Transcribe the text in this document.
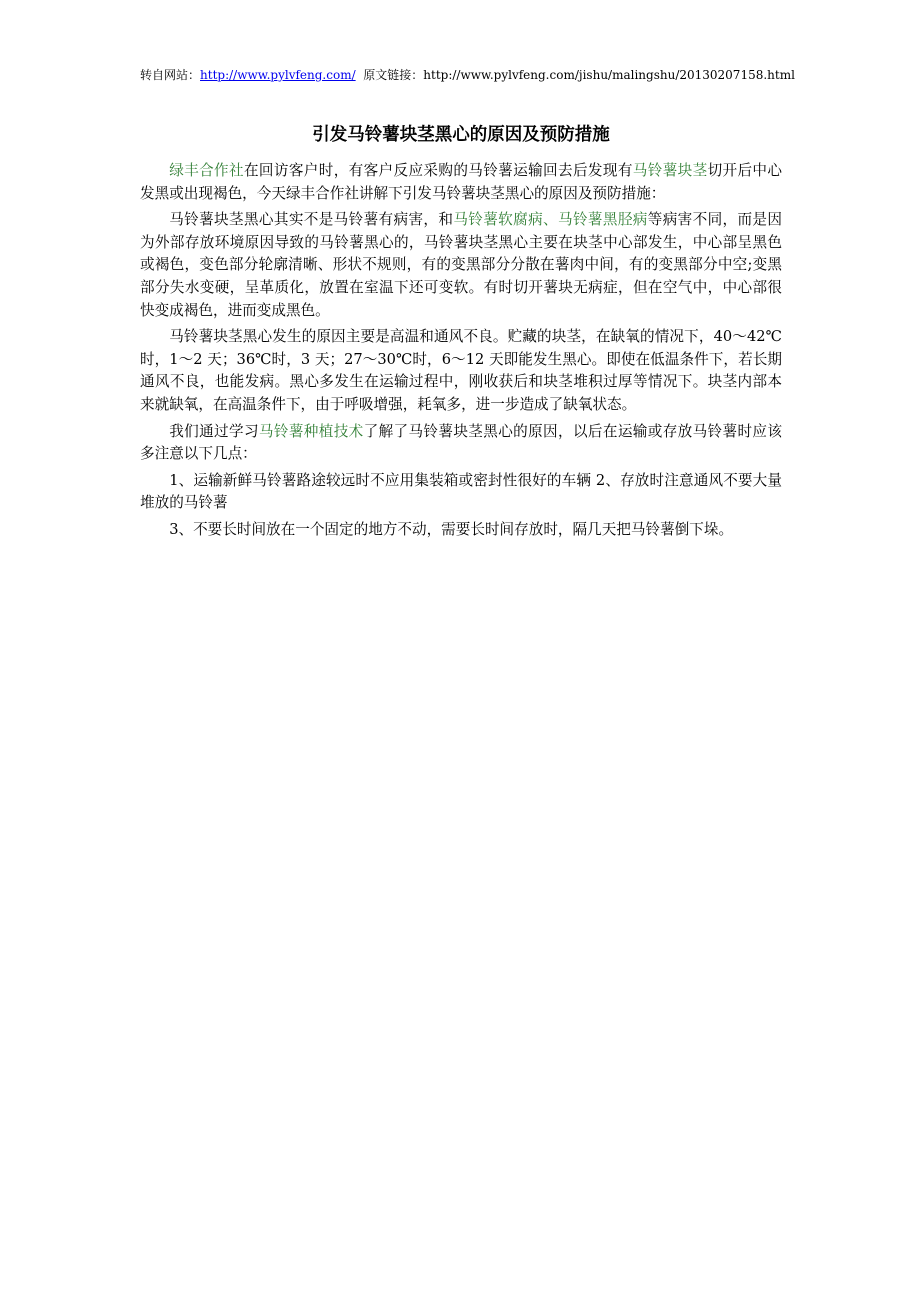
转自网站：http://www.pylvfeng.com/  原文链接：http://www.pylvfeng.com/jishu/malingshu/20130207158.html
引发马铃薯块茎黑心的原因及预防措施

绿丰合作社在回访客户时，有客户反应采购的马铃薯运输回去后发现有马铃薯块茎切开后中心发黑或出现褐色，今天绿丰合作社讲解下引发马铃薯块茎黑心的原因及预防措施：

马铃薯块茎黑心其实不是马铃薯有病害，和马铃薯软腐病、马铃薯黑胫病等病害不同，而是因为外部存放环境原因导致的马铃薯黑心的，马铃薯块茎黑心主要在块茎中心部发生，中心部呈黑色或褐色，变色部分轮廓清晰、形状不规则，有的变黑部分分散在薯肉中间，有的变黑部分中空;变黑部分失水变硬，呈革质化，放置在室温下还可变软。有时切开薯块无病症，但在空气中，中心部很快变成褐色，进而变成黑色。

马铃薯块茎黑心发生的原因主要是高温和通风不良。贮藏的块茎，在缺氧的情况下，40～42℃时，1～2 天；36℃时，3 天；27～30℃时，6～12 天即能发生黑心。即使在低温条件下，若长期通风不良，也能发病。黑心多发生在运输过程中，刚收获后和块茎堆积过厚等情况下。块茎内部本来就缺氧，在高温条件下，由于呼吸增强，耗氧多，进一步造成了缺氧状态。

我们通过学习马铃薯种植技术了解了马铃薯块茎黑心的原因，以后在运输或存放马铃薯时应该多注意以下几点：

1、运输新鲜马铃薯路途较远时不应用集装箱或密封性很好的车辆 2、存放时注意通风不要大量堆放的马铃薯

3、不要长时间放在一个固定的地方不动，需要长时间存放时，隔几天把马铃薯倒下垛。
